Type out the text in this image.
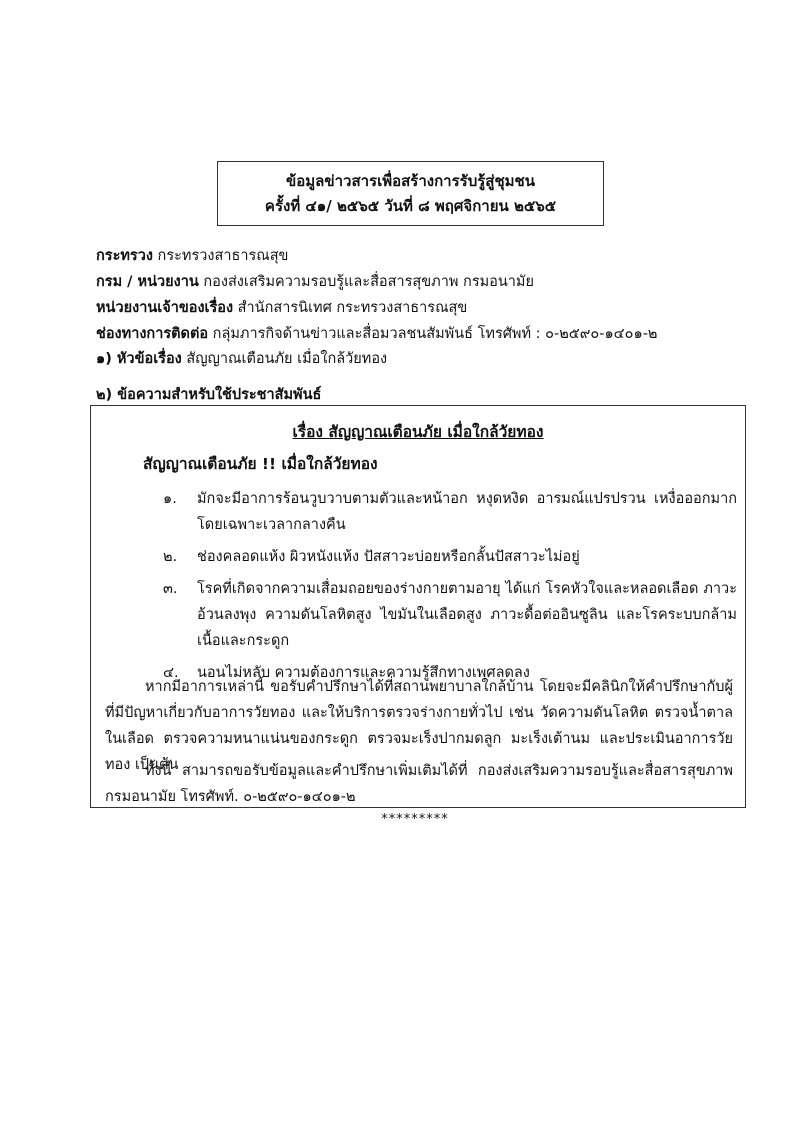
ข้อมูลข่าวสารเพื่อสร้างการรับรู้สู่ชุมชน
ครั้งที่ ๔๑/ ๒๕๖๕ วันที่ ๘ พฤศจิกายน ๒๕๖๕
กระทรวง กระทรวงสาธารณสุข
กรม / หน่วยงาน กองส่งเสริมความรอบรู้และสื่อสารสุขภาพ กรมอนามัย
หน่วยงานเจ้าของเรื่อง สำนักสารนิเทศ กระทรวงสาธารณสุข
ช่องทางการติดต่อ กลุ่มภารกิจด้านข่าวและสื่อมวลชนสัมพันธ์ โทรศัพท์ : ๐-๒๕๙๐-๑๔๐๑-๒
๑) หัวข้อเรื่อง สัญญาณเตือนภัย เมื่อใกล้วัยทอง
๒) ข้อความสำหรับใช้ประชาสัมพันธ์
เรื่อง สัญญาณเตือนภัย เมื่อใกล้วัยทอง
สัญญาณเตือนภัย !! เมื่อใกล้วัยทอง
๑.	มักจะมีอาการร้อนวูบวาบตามตัวและหน้าอก หงุดหงิด อารมณ์แปรปรวน เหงื่อออกมาก โดยเฉพาะเวลากลางคืน
๒.	ช่องคลอดแห้ง ผิวหนังแห้ง ปัสสาวะบ่อยหรือกลั้นปัสสาวะไม่อยู่
๓.	โรคที่เกิดจากความเสื่อมถอยของร่างกายตามอายุ ได้แก่ โรคหัวใจและหลอดเลือด ภาวะอ้วนลงพุง ความดันโลหิตสูง ไขมันในเลือดสูง ภาวะดื้อต่ออินซูลิน และโรคระบบกล้ามเนื้อและกระดูก
๔.	นอนไม่หลับ ความต้องการและความรู้สึกทางเพศลดลง
หากมีอาการเหล่านี้ ขอรับคำปรึกษาได้ที่สถานพยาบาลใกล้บ้าน โดยจะมีคลินิกให้คำปรึกษากับผู้ที่มีปัญหาเกี่ยวกับอาการวัยทอง และให้บริการตรวจร่างกายทั่วไป เช่น วัดความดันโลหิต ตรวจน้ำตาลในเลือด ตรวจความหนาแน่นของกระดูก ตรวจมะเร็งปากมดลูก มะเร็งเต้านม และประเมินอาการวัยทอง เป็นต้น
ทั้งนี้ สามารถขอรับข้อมูลและคำปรึกษาเพิ่มเติมได้ที่ กองส่งเสริมความรอบรู้และสื่อสารสุขภาพ กรมอนามัย โทรศัพท์. ๐-๒๕๙๐-๑๔๐๑-๒
*********
